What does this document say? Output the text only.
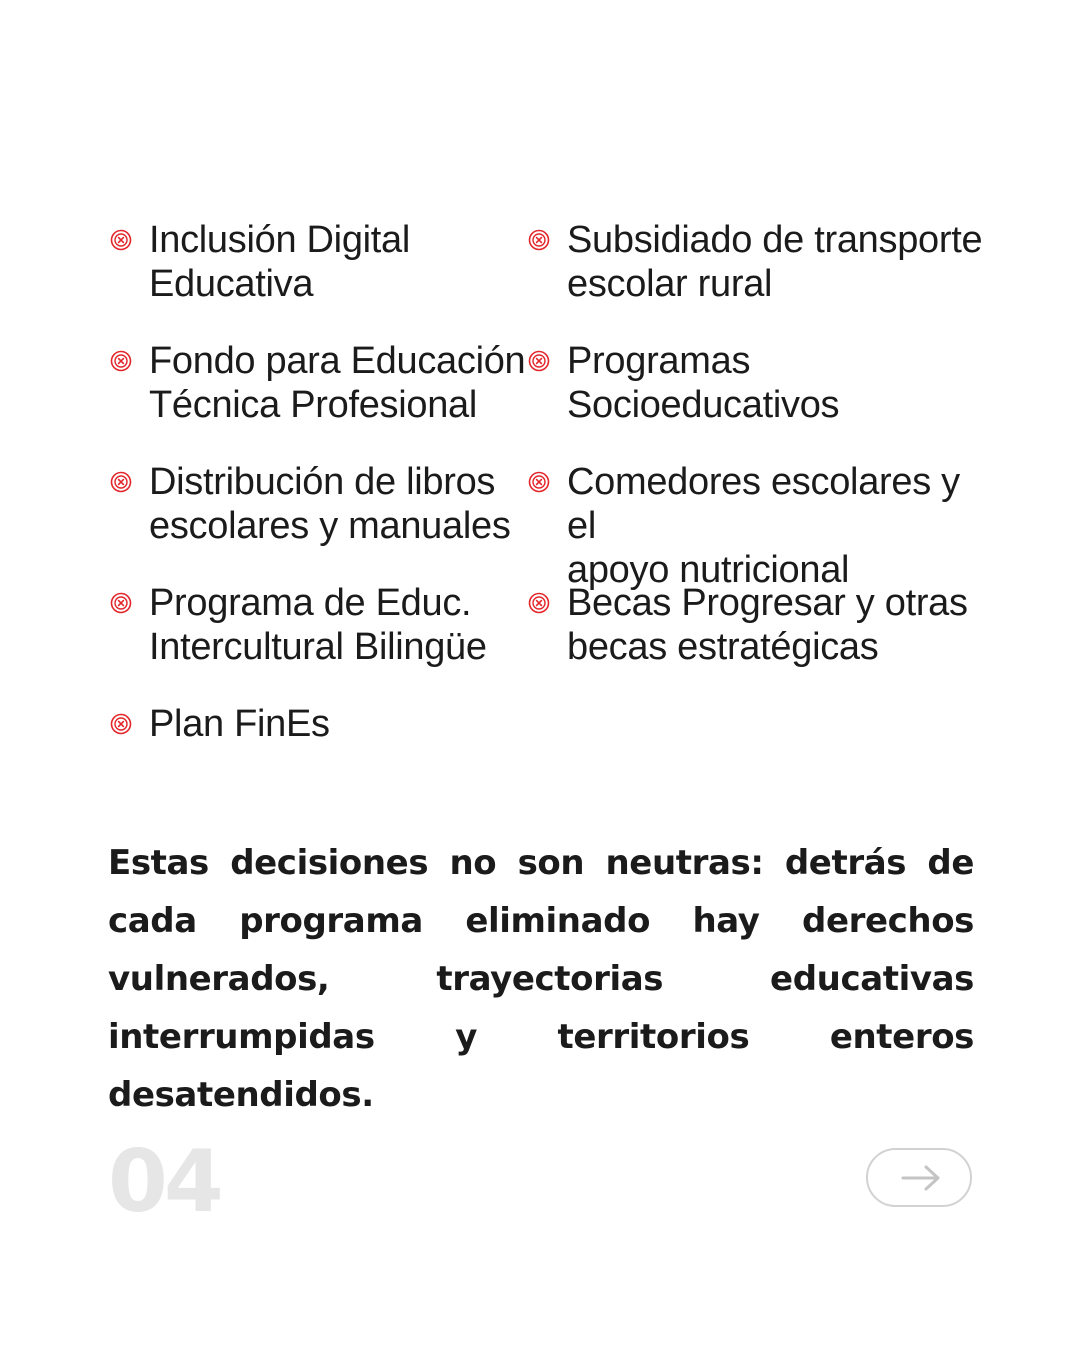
Inclusión Digital
Educativa
Fondo para Educación
Técnica Profesional
Distribución de libros
escolares y manuales
Programa de Educ.
Intercultural Bilingüe
Plan FinEs
Subsidiado de transporte
escolar rural
Programas
Socioeducativos
Comedores escolares y el
apoyo nutricional
Becas Progresar y otras
becas estratégicas

Estas decisiones no son neutras: detrás de cada programa eliminado hay derechos vulnerados, trayectorias educativas interrumpidas y territorios enteros desatendidos.

04
